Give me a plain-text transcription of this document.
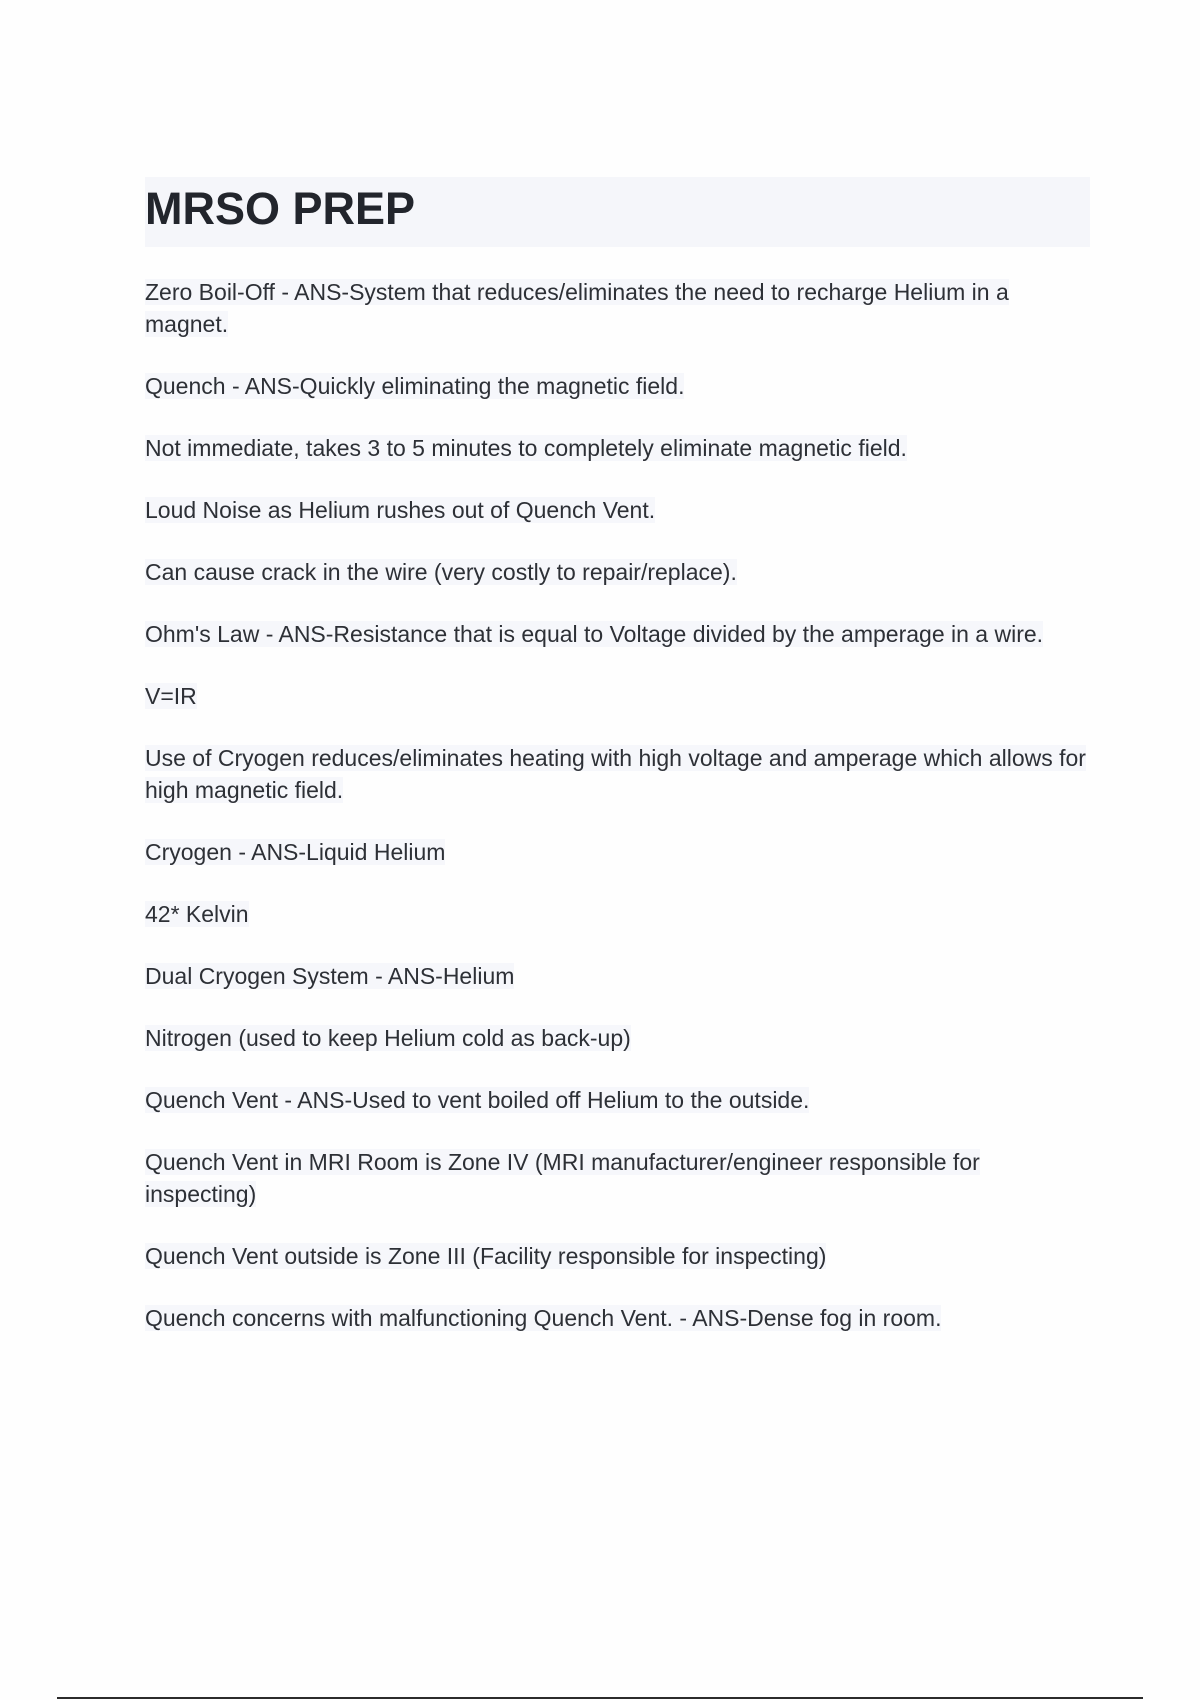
MRSO PREP

Zero Boil-Off - ANS-System that reduces/eliminates the need to recharge Helium in a magnet.

Quench - ANS-Quickly eliminating the magnetic field.

Not immediate, takes 3 to 5 minutes to completely eliminate magnetic field.

Loud Noise as Helium rushes out of Quench Vent.

Can cause crack in the wire (very costly to repair/replace).

Ohm's Law - ANS-Resistance that is equal to Voltage divided by the amperage in a wire.

V=IR

Use of Cryogen reduces/eliminates heating with high voltage and amperage which allows for high magnetic field.

Cryogen - ANS-Liquid Helium

42* Kelvin

Dual Cryogen System - ANS-Helium

Nitrogen (used to keep Helium cold as back-up)

Quench Vent - ANS-Used to vent boiled off Helium to the outside.

Quench Vent in MRI Room is Zone IV (MRI manufacturer/engineer responsible for inspecting)

Quench Vent outside is Zone III (Facility responsible for inspecting)

Quench concerns with malfunctioning Quench Vent. - ANS-Dense fog in room.
